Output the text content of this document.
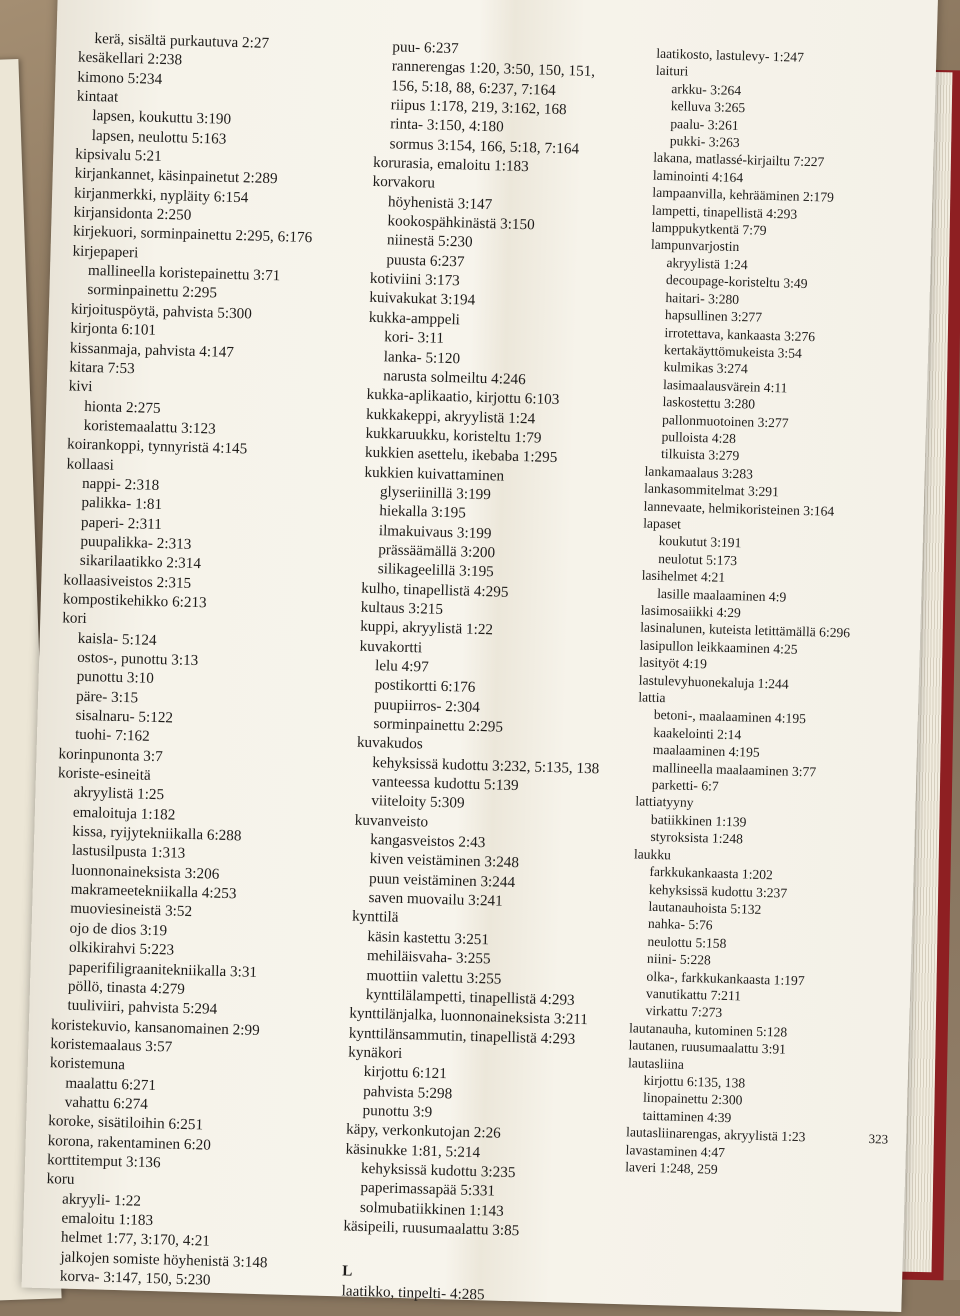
kerä, sisältä purkautuva 2:27
kesäkellari 2:238
kimono 5:234
kintaat
lapsen, koukuttu 3:190
lapsen, neulottu 5:163
kipsivalu 5:21
kirjankannet, käsinpainetut 2:289
kirjanmerkki, nypläity 6:154
kirjansidonta 2:250
kirjekuori, sorminpainettu 2:295, 6:176
kirjepaperi
mallineella koristepainettu 3:71
sorminpainettu 2:295
kirjoituspöytä, pahvista 5:300
kirjonta 6:101
kissanmaja, pahvista 4:147
kitara 7:53
kivi
hionta 2:275
koristemaalattu 3:123
koirankoppi, tynnyristä 4:145
kollaasi
nappi- 2:318
palikka- 1:81
paperi- 2:311
puupalikka- 2:313
sikarilaatikko 2:314
kollaasiveistos 2:315
kompostikehikko 6:213
kori
kaisla- 5:124
ostos-, punottu 3:13
punottu 3:10
päre- 3:15
sisalnaru- 5:122
tuohi- 7:162
korinpunonta 3:7
koriste-esineitä
akryylistä 1:25
emaloituja 1:182
kissa, ryijytekniikalla 6:288
lastusilpusta 1:313
luonnonaineksista 3:206
makrameetekniikalla 4:253
muoviesineistä 3:52
ojo de dios 3:19
olkikirahvi 5:223
paperifiligraanitekniikalla 3:31
pöllö, tinasta 4:279
tuuliviiri, pahvista 5:294
koristekuvio, kansanomainen 2:99
koristemaalaus 3:57
koristemuna
maalattu 6:271
vahattu 6:274
koroke, sisätiloihin 6:251
korona, rakentaminen 6:20
korttitemput 3:136
koru
akryyli- 1:22
emaloitu 1:183
helmet 1:77, 3:170, 4:21
jalkojen somiste höyhenistä 3:148
korva- 3:147, 150, 5:230
puu- 6:237
rannerengas 1:20, 3:50, 150, 151,
156, 5:18, 88, 6:237, 7:164
riipus 1:178, 219, 3:162, 168
rinta- 3:150, 4:180
sormus 3:154, 166, 5:18, 7:164
korurasia, emaloitu 1:183
korvakoru
höyhenistä 3:147
kookospähkinästä 3:150
niinestä 5:230
puusta 6:237
kotiviini 3:173
kuivakukat 3:194
kukka-amppeli
kori- 3:11
lanka- 5:120
narusta solmeiltu 4:246
kukka-aplikaatio, kirjottu 6:103
kukkakeppi, akryylistä 1:24
kukkaruukku, koristeltu 1:79
kukkien asettelu, ikebaba 1:295
kukkien kuivattaminen
glyseriinillä 3:199
hiekalla 3:195
ilmakuivaus 3:199
prässäämällä 3:200
silikageelillä 3:195
kulho, tinapellistä 4:295
kultaus 3:215
kuppi, akryylistä 1:22
kuvakortti
lelu 4:97
postikortti 6:176
puupiirros- 2:304
sorminpainettu 2:295
kuvakudos
kehyksissä kudottu 3:232, 5:135, 138
vanteessa kudottu 5:139
viiteloity 5:309
kuvanveisto
kangasveistos 2:43
kiven veistäminen 3:248
puun veistäminen 3:244
saven muovailu 3:241
kynttilä
käsin kastettu 3:251
mehiläisvaha- 3:255
muottiin valettu 3:255
kynttilälampetti, tinapellistä 4:293
kynttilänjalka, luonnonaineksista 3:211
kynttilänsammutin, tinapellistä 4:293
kynäkori
kirjottu 6:121
pahvista 5:298
punottu 3:9
käpy, verkonkutojan 2:26
käsinukke 1:81, 5:214
kehyksissä kudottu 3:235
paperimassapää 5:331
solmubatiikkinen 1:143
käsipeili, ruusumaalattu 3:85
L
laatikko, tinpelti- 4:285
laatikosto, lastulevy- 1:247
laituri
arkku- 3:264
kelluva 3:265
paalu- 3:261
pukki- 3:263
lakana, matlassé-kirjailtu 7:227
laminointi 4:164
lampaanvilla, kehrääminen 2:179
lampetti, tinapellistä 4:293
lamppukytkentä 7:79
lampunvarjostin
akryylistä 1:24
decoupage-koristeltu 3:49
haitari- 3:280
hapsullinen 3:277
irrotettava, kankaasta 3:276
kertakäyttömukeista 3:54
kulmikas 3:274
lasimaalausvärein 4:11
laskostettu 3:280
pallonmuotoinen 3:277
pulloista 4:28
tilkuista 3:279
lankamaalaus 3:283
lankasommitelmat 3:291
lannevaate, helmikoristeinen 3:164
lapaset
koukutut 3:191
neulotut 5:173
lasihelmet 4:21
lasille maalaaminen 4:9
lasimosaiikki 4:29
lasinalunen, kuteista letittämällä 6:296
lasipullon leikkaaminen 4:25
lasityöt 4:19
lastulevyhuonekaluja 1:244
lattia
betoni-, maalaaminen 4:195
kaakelointi 2:14
maalaaminen 4:195
mallineella maalaaminen 3:77
parketti- 6:7
lattiatyyny
batiikkinen 1:139
styroksista 1:248
laukku
farkkukankaasta 1:202
kehyksissä kudottu 3:237
lautanauhoista 5:132
nahka- 5:76
neulottu 5:158
niini- 5:228
olka-, farkkukankaasta 1:197
vanutikattu 7:211
virkattu 7:273
lautanauha, kutominen 5:128
lautanen, ruusumaalattu 3:91
lautasliina
kirjottu 6:135, 138
linopainettu 2:300
taittaminen 4:39
lautasliinarengas, akryylistä 1:23
lavastaminen 4:47
laveri 1:248, 259
323
